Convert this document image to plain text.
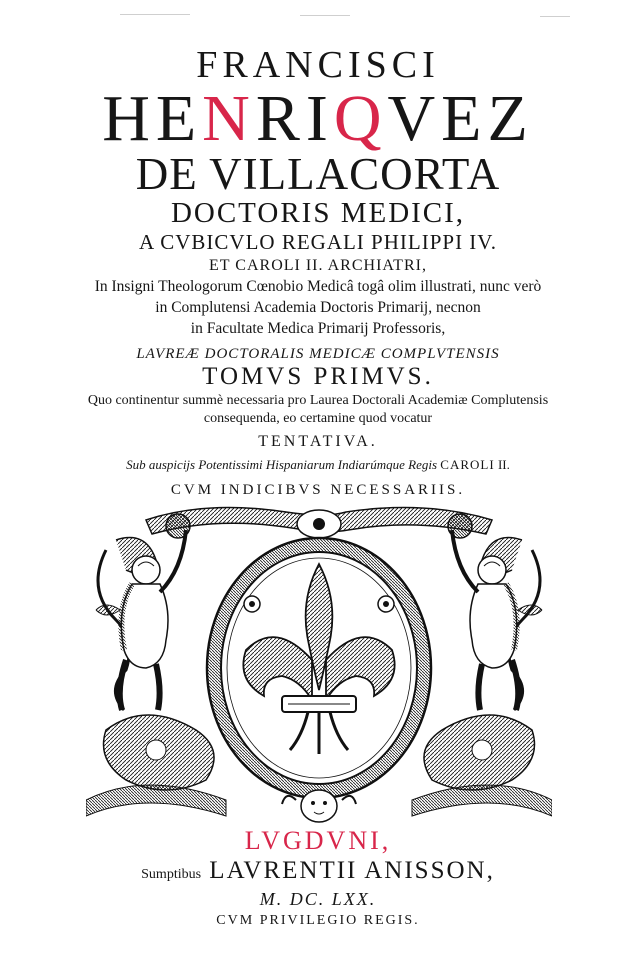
FRANCISCI
HENRIQVEZ
DE VILLACORTA
DOCTORIS MEDICI,
A CVBICVLO REGALI PHILIPPI IV.
ET CAROLI II. ARCHIATRI,
In Insigni Theologorum Cœnobio Medicâ togâ olim illustrati, nunc verò
in Complutensi Academia Doctoris Primarij, necnon
in Facultate Medica Primarij Professoris,
LAVREÆ DOCTORALIS MEDICÆ COMPLVTENSIS
TOMVS PRIMVS.
Quo continentur summè necessaria pro Laurea Doctorali Academiæ Complutensis
consequenda, eo certamine quod vocatur
TENTATIVA.
Sub auspicijs Potentissimi Hispaniarum Indiarúmque Regis CAROLI II.
CVM INDICIBVS NECESSARIIS.
LVGDVNI,
Sumptibus LAVRENTII ANISSON,
M. DC. LXX.
CVM PRIVILEGIO REGIS.
